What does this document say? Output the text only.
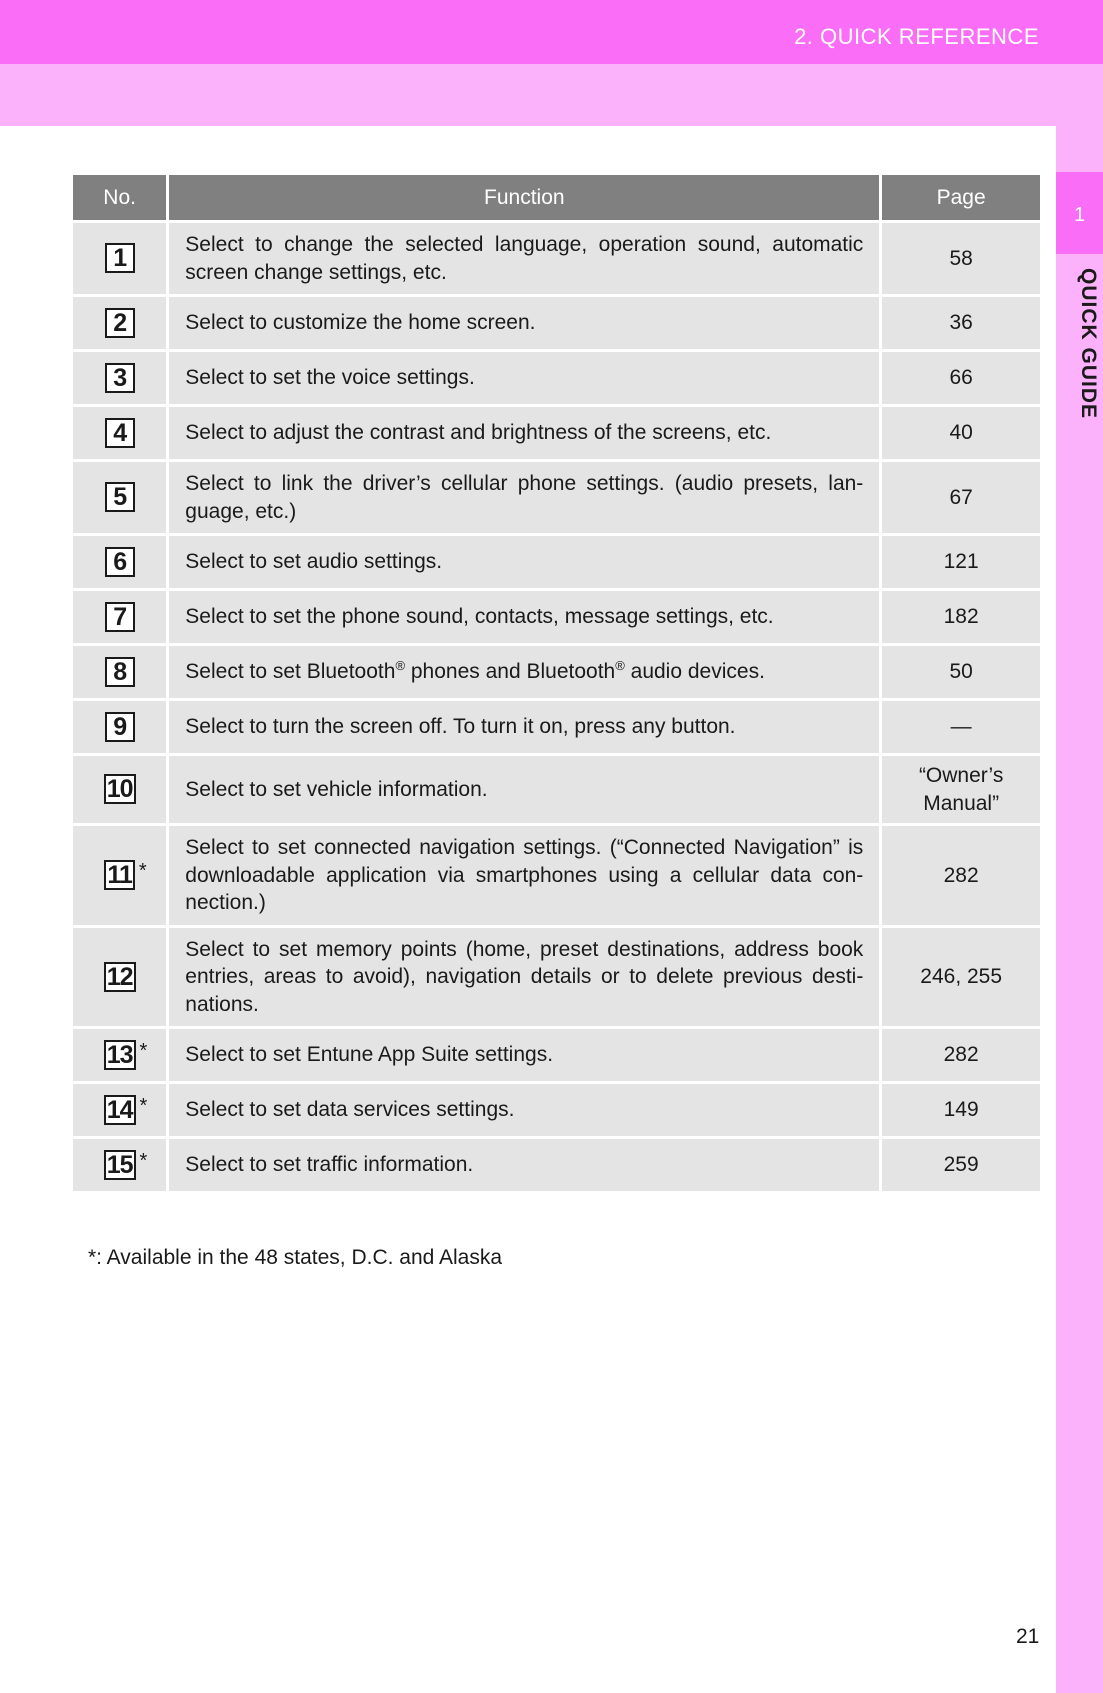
2. QUICK REFERENCE
1
QUICK GUIDE
No.	Function	Page
1	Select to change the selected language, operation sound, automatic screen change settings, etc.	58
2	Select to customize the home screen.	36
3	Select to set the voice settings.	66
4	Select to adjust the contrast and brightness of the screens, etc.	40
5	Select to link the driver’s cellular phone settings. (audio presets, lan-guage, etc.)	67
6	Select to set audio settings.	121
7	Select to set the phone sound, contacts, message settings, etc.	182
8	Select to set Bluetooth® phones and Bluetooth® audio devices.	50
9	Select to turn the screen off. To turn it on, press any button.	—
10	Select to set vehicle information.	“Owner’s Manual”
11 *	Select to set connected navigation settings. (“Connected Navigation” is downloadable application via smartphones using a cellular data con-nection.)	282
12	Select to set memory points (home, preset destinations, address book entries, areas to avoid), navigation details or to delete previous desti-nations.	246, 255
13 *	Select to set Entune App Suite settings.	282
14 *	Select to set data services settings.	149
15 *	Select to set traffic information.	259
*: Available in the 48 states, D.C. and Alaska
21
